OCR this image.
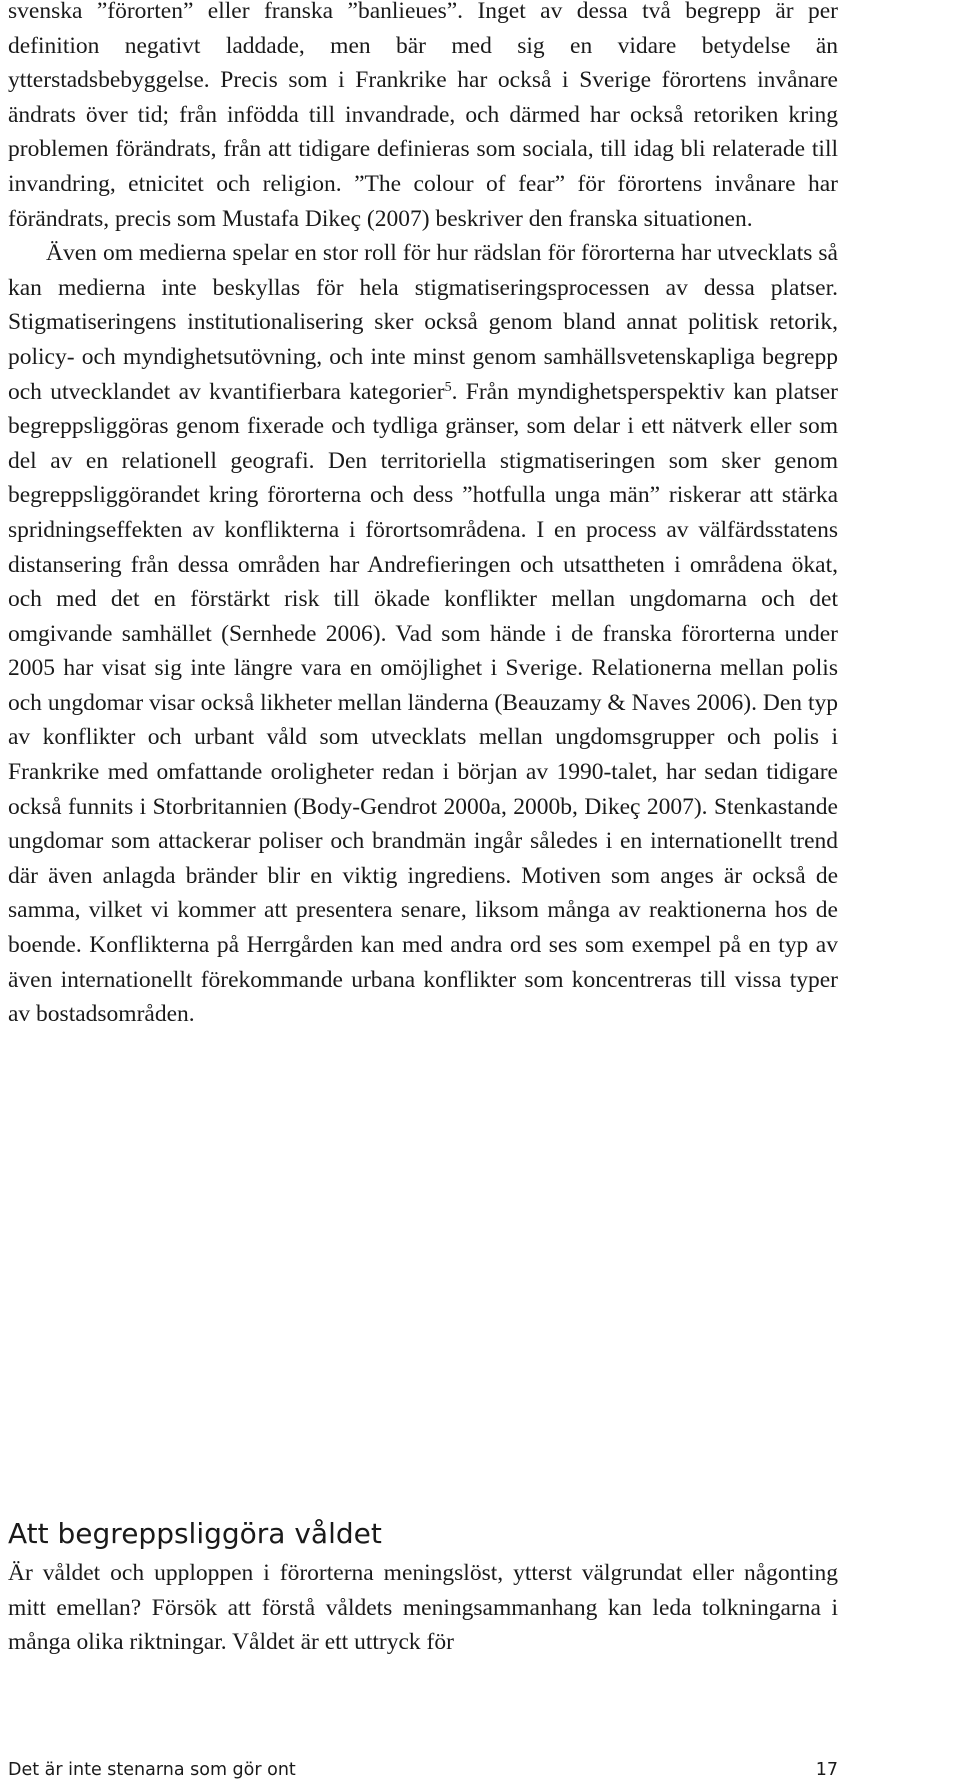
svenska ”förorten” eller franska ”banlieues”. Inget av dessa två begrepp är per definition negativt laddade, men bär med sig en vidare betydelse än ytterstadsbebyggelse. Precis som i Frankrike har också i Sverige förortens invånare ändrats över tid; från infödda till invandrade, och därmed har också retoriken kring problemen förändrats, från att tidigare definieras som sociala, till idag bli relaterade till invandring, etnicitet och religion. ”The colour of fear” för förortens invånare har förändrats, precis som Mustafa Dikeç (2007) beskriver den franska situationen.

Även om medierna spelar en stor roll för hur rädslan för förorterna har utvecklats så kan medierna inte beskyllas för hela stigmatiseringsprocessen av dessa platser. Stigmatiseringens institutionalisering sker också genom bland annat politisk retorik, policy- och myndighetsutövning, och inte minst genom samhällsvetenskapliga begrepp och utvecklandet av kvantifierbara kategorier$^5$. Från myndighetsperspektiv kan platser begreppsliggöras genom fixerade och tydliga gränser, som delar i ett nätverk eller som del av en relationell geografi. Den territoriella stigmatiseringen som sker genom begreppsliggörandet kring förorterna och dess ”hotfulla unga män” riskerar att stärka spridningseffekten av konflikterna i förortsområdena. I en process av välfärdsstatens distansering från dessa områden har Andrefieringen och utsattheten i områdena ökat, och med det en förstärkt risk till ökade konflikter mellan ungdomarna och det omgivande samhället (Sernhede 2006). Vad som hände i de franska förorterna under 2005 har visat sig inte längre vara en omöjlighet i Sverige. Relationerna mellan polis och ungdomar visar också likheter mellan länderna (Beauzamy & Naves 2006). Den typ av konflikter och urbant våld som utvecklats mellan ungdomsgrupper och polis i Frankrike med omfattande oroligheter redan i början av 1990-talet, har sedan tidigare också funnits i Storbritannien (Body-Gendrot 2000a, 2000b, Dikeç 2007). Stenkastande ungdomar som attackerar poliser och brandmän ingår således i en internationellt trend där även anlagda bränder blir en viktig ingrediens. Motiven som anges är också de samma, vilket vi kommer att presentera senare, liksom många av reaktionerna hos de boende. Konflikterna på Herrgården kan med andra ord ses som exempel på en typ av även internationellt förekommande urbana konflikter som koncentreras till vissa typer av bostadsområden.

Att begreppsliggöra våldet

Är våldet och upploppen i förorterna meningslöst, ytterst välgrundat eller någonting mitt emellan? Försök att förstå våldets meningsammanhang kan leda tolkningarna i många olika riktningar. Våldet är ett uttryck för

Det är inte stenarna som gör ont	17
